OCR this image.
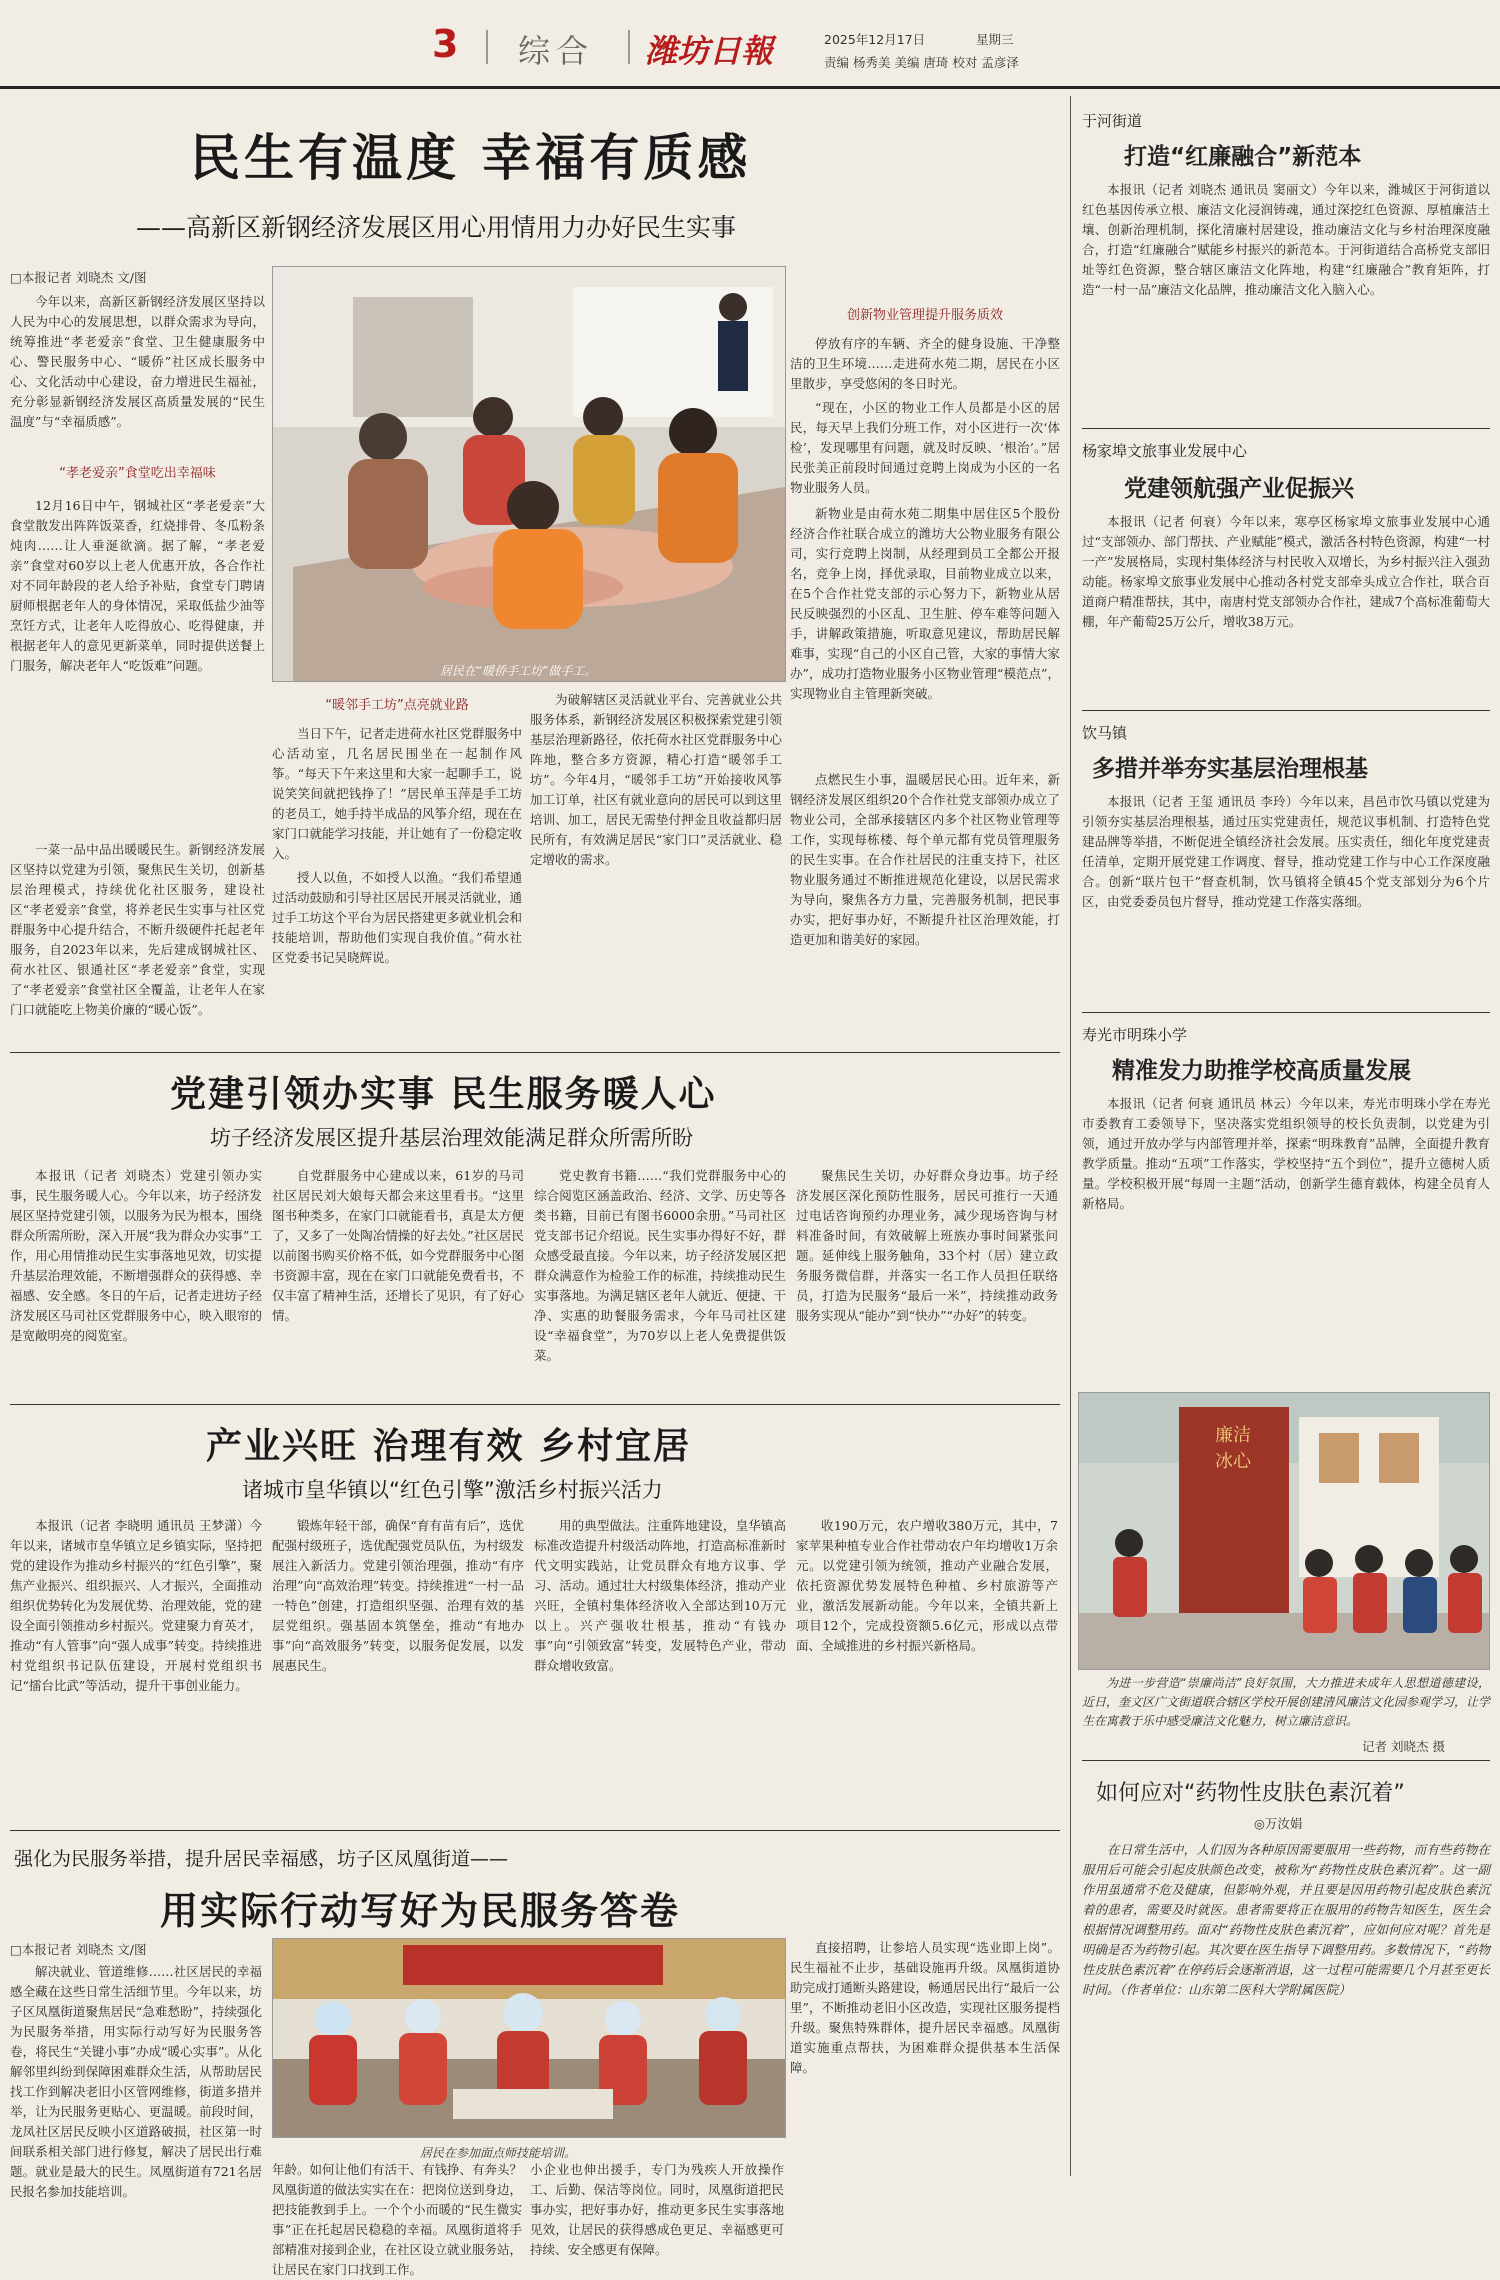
3 综合 潍坊日報	2025年12月17日	星期三
责编 杨秀美 美编 唐琦 校对 孟彦泽
民生有温度 幸福有质感
——高新区新钢经济发展区用心用情用力办好民生实事
□本报记者 刘晓杰 文/图
今年以来，高新区新钢经济发展区坚持以人民为中心的发展思想，以群众需求为导向，统筹推进“孝老爱亲”食堂、卫生健康服务中心、警民服务中心、“暖侨”社区成长服务中心、文化活动中心建设，奋力增进民生福祉，充分彰显新钢经济发展区高质量发展的“民生温度”与“幸福质感”。
“孝老爱亲”食堂吃出幸福味
12月16日中午，钢城社区“孝老爱亲”大食堂散发出阵阵饭菜香，红烧排骨、冬瓜粉条炖肉……让人垂涎欲滴。据了解，“孝老爱亲”食堂对60岁以上老人优惠开放，各合作社对不同年龄段的老人给予补贴，食堂专门聘请厨师根据老年人的身体情况，采取低盐少油等烹饪方式，让老年人吃得放心、吃得健康，并根据老年人的意见更新菜单，同时提供送餐上门服务，解决老年人“吃饭难”问题。
一菜一品中品出暖暖民生。新钢经济发展区坚持以党建为引领，聚焦民生关切，创新基层治理模式，持续优化社区服务，建设社区“孝老爱亲”食堂，将养老民生实事与社区党群服务中心提升结合，不断升级硬件托起老年服务，自2023年以来，先后建成钢城社区、荷水社区、银通社区“孝老爱亲”食堂，实现了“孝老爱亲”食堂社区全覆盖，让老年人在家门口就能吃上物美价廉的“暖心饭”。
居民在“暖侨手工坊”做手工。
“暖邻手工坊”点亮就业路
当日下午，记者走进荷水社区党群服务中心活动室，几名居民围坐在一起制作风筝。“每天下午来这里和大家一起聊手工，说说笑笑间就把钱挣了！”居民单玉萍是手工坊的老员工，她手持半成品的风筝介绍，现在在家门口就能学习技能，并让她有了一份稳定收入。
授人以鱼，不如授人以渔。“我们希望通过活动鼓励和引导社区居民开展灵活就业，通过手工坊这个平台为居民搭建更多就业机会和技能培训，帮助他们实现自我价值。”荷水社区党委书记吴晓辉说。
为破解辖区灵活就业平台、完善就业公共服务体系，新钢经济发展区积极探索党建引领基层治理新路径，依托荷水社区党群服务中心阵地，整合多方资源，精心打造“暖邻手工坊”。今年4月，“暖邻手工坊”开始接收风筝加工订单，社区有就业意向的居民可以到这里培训、加工，居民无需垫付押金且收益都归居民所有，有效满足居民“家门口”灵活就业、稳定增收的需求。
创新物业管理提升服务质效
停放有序的车辆、齐全的健身设施、干净整洁的卫生环境……走进荷水苑二期，居民在小区里散步，享受悠闲的冬日时光。
“现在，小区的物业工作人员都是小区的居民，每天早上我们分班工作，对小区进行一次‘体检’，发现哪里有问题，就及时反映、‘根治’。”居民张美正前段时间通过竞聘上岗成为小区的一名物业服务人员。
新物业是由荷水苑二期集中居住区5个股份经济合作社联合成立的潍坊大公物业服务有限公司，实行竞聘上岗制，从经理到员工全都公开报名，竞争上岗，择优录取，目前物业成立以来，在5个合作社党支部的示心努力下，新物业从居民反映强烈的小区乱、卫生脏、停车难等问题入手，讲解政策措施，听取意见建议，帮助居民解难事，实现“自己的小区自己管，大家的事情大家办”，成功打造物业服务小区物业管理“模范点”，实现物业自主管理新突破。
点燃民生小事，温暖居民心田。近年来，新钢经济发展区组织20个合作社党支部领办成立了物业公司，全部承接辖区内多个社区物业管理等工作，实现每栋楼、每个单元都有党员管理服务的民生实事。在合作社居民的注重支持下，社区物业服务通过不断推进规范化建设，以居民需求为导向，聚焦各方力量，完善服务机制，把民事办实，把好事办好，不断提升社区治理效能，打造更加和谐美好的家园。
党建引领办实事 民生服务暖人心
坊子经济发展区提升基层治理效能满足群众所需所盼
本报讯（记者 刘晓杰）党建引领办实事，民生服务暖人心。今年以来，坊子经济发展区坚持党建引领，以服务为民为根本，围绕群众所需所盼，深入开展“我为群众办实事”工作，用心用情推动民生实事落地见效，切实提升基层治理效能，不断增强群众的获得感、幸福感、安全感。冬日的午后，记者走进坊子经济发展区马司社区党群服务中心，映入眼帘的是宽敞明亮的阅览室。
自党群服务中心建成以来，61岁的马司社区居民刘大娘每天都会来这里看书。“这里图书种类多，在家门口就能看书，真是太方便了，又多了一处陶冶情操的好去处。”社区居民以前图书购买价格不低，如今党群服务中心图书资源丰富，现在在家门口就能免费看书，不仅丰富了精神生活，还增长了见识，有了好心情。
党史教育书籍……“我们党群服务中心的综合阅览区涵盖政治、经济、文学、历史等各类书籍，目前已有图书6000余册。”马司社区党支部书记介绍说。民生实事办得好不好，群众感受最直接。今年以来，坊子经济发展区把群众满意作为检验工作的标准，持续推动民生实事落地。为满足辖区老年人就近、便捷、干净、实惠的助餐服务需求，今年马司社区建设“幸福食堂”，为70岁以上老人免费提供饭菜。
聚焦民生关切，办好群众身边事。坊子经济发展区深化预防性服务，居民可推行一天通过电话咨询预约办理业务，减少现场咨询与材料准备时间，有效破解上班族办事时间紧张问题。延伸线上服务触角，33个村（居）建立政务服务微信群，并落实一名工作人员担任联络员，打造为民服务“最后一米”，持续推动政务服务实现从“能办”到“快办”“办好”的转变。
产业兴旺 治理有效 乡村宜居
诸城市皇华镇以“红色引擎”激活乡村振兴活力
本报讯（记者 李晓明 通讯员 王梦潇）今年以来，诸城市皇华镇立足乡镇实际，坚持把党的建设作为推动乡村振兴的“红色引擎”，聚焦产业振兴、组织振兴、人才振兴，全面推动组织优势转化为发展优势、治理效能，党的建设全面引领推动乡村振兴。党建聚力育英才，推动“有人管事”向“强人成事”转变。持续推进村党组织书记队伍建设，开展村党组织书记“擂台比武”等活动，提升干事创业能力。
锻炼年轻干部，确保“育有苗有后”，选优配强村级班子，选优配强党员队伍，为村级发展注入新活力。党建引领治理强，推动“有序治理”向“高效治理”转变。持续推进“一村一品一特色”创建，打造组织坚强、治理有效的基层党组织。强基固本筑堡垒，推动“有地办事”向“高效服务”转变，以服务促发展，以发展惠民生。
用的典型做法。注重阵地建设，皇华镇高标准改造提升村级活动阵地，打造高标准新时代文明实践站，让党员群众有地方议事、学习、活动。通过壮大村级集体经济，推动产业兴旺，全镇村集体经济收入全部达到10万元以上。兴产强收壮根基，推动“有钱办事”向“引领致富”转变，发展特色产业，带动群众增收致富。
收190万元，农户增收380万元，其中，7家苹果种植专业合作社带动农户年均增收1万余元。以党建引领为统领，推动产业融合发展，依托资源优势发展特色种植、乡村旅游等产业，激活发展新动能。今年以来，全镇共新上项目12个，完成投资额5.6亿元，形成以点带面、全域推进的乡村振兴新格局。
强化为民服务举措，提升居民幸福感，坊子区凤凰街道——
用实际行动写好为民服务答卷
□本报记者 刘晓杰 文/图
解决就业、管道维修……社区居民的幸福感全藏在这些日常生活细节里。今年以来，坊子区凤凰街道聚焦居民“急难愁盼”，持续强化为民服务举措，用实际行动写好为民服务答卷，将民生“关键小事”办成“暖心实事”。从化解邻里纠纷到保障困难群众生活，从帮助居民找工作到解决老旧小区管网维修，街道多措并举，让为民服务更贴心、更温暖。前段时间，龙凤社区居民反映小区道路破损，社区第一时间联系相关部门进行修复，解决了居民出行难题。就业是最大的民生。凤凰街道有721名居民报名参加技能培训。
居民在参加面点师技能培训。
直接招聘，让参培人员实现“选业即上岗”。民生福祉不止步，基础设施再升级。凤凰街道协助完成打通断头路建设，畅通居民出行“最后一公里”，不断推动老旧小区改造，实现社区服务提档升级。聚焦特殊群体，提升居民幸福感。凤凰街道实施重点帮扶，为困难群众提供基本生活保障。
年龄。如何让他们有活干、有钱挣、有奔头？凤凰街道的做法实实在在：把岗位送到身边，把技能教到手上。一个个小而暖的“民生微实事”正在托起居民稳稳的幸福。凤凰街道将手部精准对接到企业，在社区设立就业服务站，让居民在家门口找到工作。
小企业也伸出援手，专门为残疾人开放操作工、后勤、保洁等岗位。同时，凤凰街道把民事办实，把好事办好，推动更多民生实事落地见效，让居民的获得感成色更足、幸福感更可持续、安全感更有保障。
于河街道
打造“红廉融合”新范本
本报讯（记者 刘晓杰 通讯员 窦丽文）今年以来，潍城区于河街道以红色基因传承立根、廉洁文化浸润铸魂，通过深挖红色资源、厚植廉洁土壤、创新治理机制，探化清廉村居建设，推动廉洁文化与乡村治理深度融合，打造“红廉融合”赋能乡村振兴的新范本。于河街道结合高桥党支部旧址等红色资源，整合辖区廉洁文化阵地，构建“红廉融合”教育矩阵，打造“一村一品”廉洁文化品牌，推动廉洁文化入脑入心。
杨家埠文旅事业发展中心
党建领航强产业促振兴
本报讯（记者 何衰）今年以来，寒亭区杨家埠文旅事业发展中心通过“支部领办、部门帮扶、产业赋能”模式，激活各村特色资源，构建“一村一产”发展格局，实现村集体经济与村民收入双增长，为乡村振兴注入强劲动能。杨家埠文旅事业发展中心推动各村党支部牵头成立合作社，联合百道商户精准帮扶，其中，南唐村党支部领办合作社，建成7个高标准葡萄大棚，年产葡萄25万公斤，增收38万元。
饮马镇
多措并举夯实基层治理根基
本报讯（记者 王玺 通讯员 李玲）今年以来，昌邑市饮马镇以党建为引领夯实基层治理根基，通过压实党建责任，规范议事机制、打造特色党建品牌等举措，不断促进全镇经济社会发展。压实责任，细化年度党建责任清单，定期开展党建工作调度、督导，推动党建工作与中心工作深度融合。创新“联片包干”督查机制，饮马镇将全镇45个党支部划分为6个片区，由党委委员包片督导，推动党建工作落实落细。
寿光市明珠小学
精准发力助推学校高质量发展
本报讯（记者 何衰 通讯员 林云）今年以来，寿光市明珠小学在寿光市委教育工委领导下，坚决落实党组织领导的校长负责制，以党建为引领，通过开放办学与内部管理并举，探索“明珠教育”品牌，全面提升教育教学质量。推动“五项”工作落实，学校坚持“五个到位”，提升立德树人质量。学校积极开展“每周一主题”活动，创新学生德育载体，构建全员育人新格局。
廉洁冰心
为进一步营造“崇廉尚洁”良好氛围，大力推进未成年人思想道德建设，近日，奎文区广文街道联合辖区学校开展创建清风廉洁文化园参观学习，让学生在寓教于乐中感受廉洁文化魅力，树立廉洁意识。
记者 刘晓杰 摄
如何应对“药物性皮肤色素沉着”
◎万汝娟
在日常生活中，人们因为各种原因需要服用一些药物，而有些药物在服用后可能会引起皮肤颜色改变，被称为“药物性皮肤色素沉着”。这一副作用虽通常不危及健康，但影响外观，并且要是因用药物引起皮肤色素沉着的患者，需要及时就医。患者需要将正在服用的药物告知医生，医生会根据情况调整用药。面对“药物性皮肤色素沉着”，应如何应对呢？首先是明确是否为药物引起。其次要在医生指导下调整用药。多数情况下，“药物性皮肤色素沉着”在停药后会逐渐消退，这一过程可能需要几个月甚至更长时间。（作者单位：山东第二医科大学附属医院）
